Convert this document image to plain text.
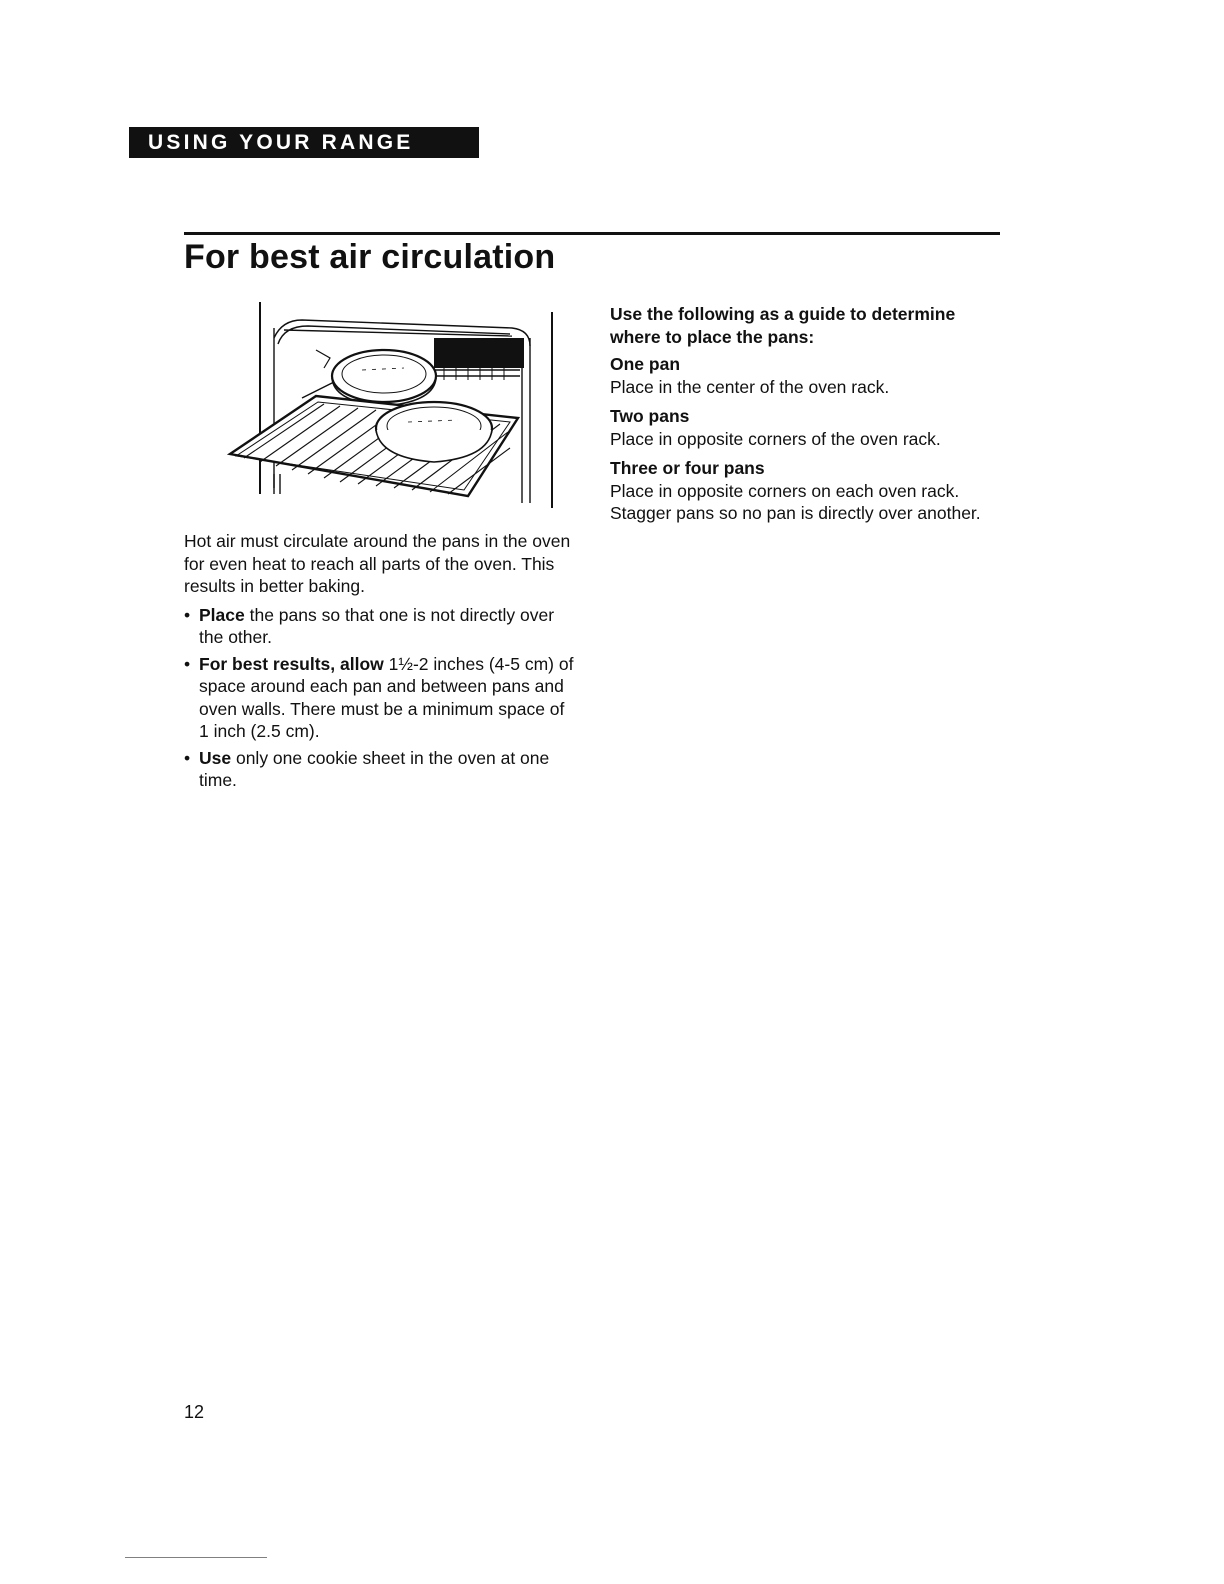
USING YOUR RANGE
For best air circulation

Hot air must circulate around the pans in the oven for even heat to reach all parts of the oven. This results in better baking.

• Place the pans so that one is not directly over the other.
• For best results, allow 1½-2 inches (4-5 cm) of space around each pan and between pans and oven walls. There must be a minimum space of 1 inch (2.5 cm).
• Use only one cookie sheet in the oven at one time.

Use the following as a guide to determine where to place the pans:

One pan

Place in the center of the oven rack.

Two pans

Place in opposite corners of the oven rack.

Three or four pans

Place in opposite corners on each oven rack. Stagger pans so no pan is directly over another.

12
